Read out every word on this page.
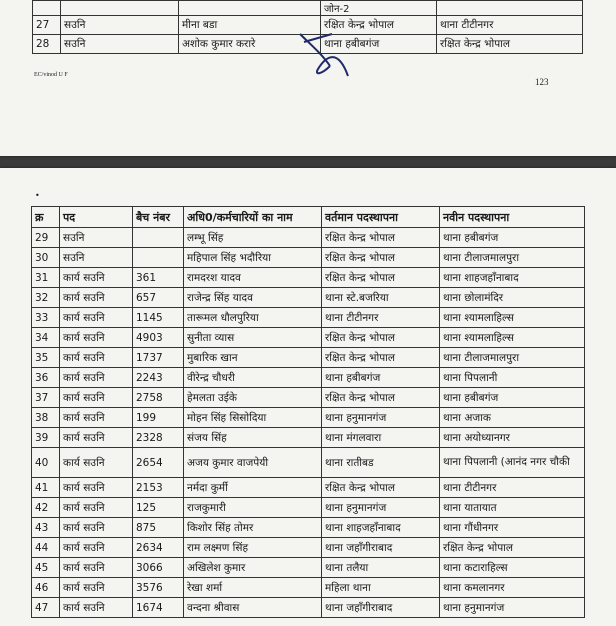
			जोन-2	
27	सउनि	मीना बडा	रक्षित केन्द्र भोपाल	थाना टीटीनगर
28	सउनि	अशोक कुमार करारे	थाना हबीबगंज	रक्षित केन्द्र भोपाल
EC/vinod U F
123
•
क्र	पद	बैच नंबर	अधि0/कर्मचारियों का नाम	वर्तमान पदस्थापना	नवीन पदस्थापना
29	सउनि		लम्भू सिंह	रक्षित केन्द्र भोपाल	थाना हबीबगंज
30	सउनि		महिपाल सिंह भदौरिया	रक्षित केन्द्र भोपाल	थाना टीलाजमालपुरा
31	कार्य सउनि	361	रामदरश यादव	रक्षित केन्द्र भोपाल	थाना शाहजहाँनाबाद
32	कार्य सउनि	657	राजेन्द्र सिंह यादव	थाना स्टे.बजरिया	थाना छोलामंदिर
33	कार्य सउनि	1145	तारूमल धौलपुरिया	थाना टीटीनगर	थाना श्यामलाहिल्स
34	कार्य सउनि	4903	सुनीता व्यास	रक्षित केन्द्र भोपाल	थाना श्यामलाहिल्स
35	कार्य सउनि	1737	मुबारिक खान	रक्षित केन्द्र भोपाल	थाना टीलाजमालपुरा
36	कार्य सउनि	2243	वीरेन्द्र चौधरी	थाना हबीबगंज	थाना पिपलानी
37	कार्य सउनि	2758	हेमलता उईके	रक्षित केन्द्र भोपाल	थाना हबीबगंज
38	कार्य सउनि	199	मोहन सिंह सिसोदिया	थाना हनुमानगंज	थाना अजाक
39	कार्य सउनि	2328	संजय सिंह	थाना मंगलवारा	थाना अयोध्यानगर
40	कार्य सउनि	2654	अजय कुमार वाजपेयी	थाना रातीबड	थाना पिपलानी (आनंद नगर चौकी
41	कार्य सउनि	2153	नर्मदा कुर्मी	रक्षित केन्द्र भोपाल	थाना टीटीनगर
42	कार्य सउनि	125	राजकुमारी	थाना हनुमानगंज	थाना यातायात
43	कार्य सउनि	875	किशोर सिंह तोमर	थाना शाहजहाँनाबाद	थाना गौंधीनगर
44	कार्य सउनि	2634	राम लक्ष्मण सिंह	थाना जहाँगीराबाद	रक्षित केन्द्र भोपाल
45	कार्य सउनि	3066	अखिलेश कुमार	थाना तलैया	थाना कटाराहिल्स
46	कार्य सउनि	3576	रेखा शर्मा	महिला थाना	थाना कमलानगर
47	कार्य सउनि	1674	वन्दना श्रीवास	थाना जहाँगीराबाद	थाना हनुमानगंज
